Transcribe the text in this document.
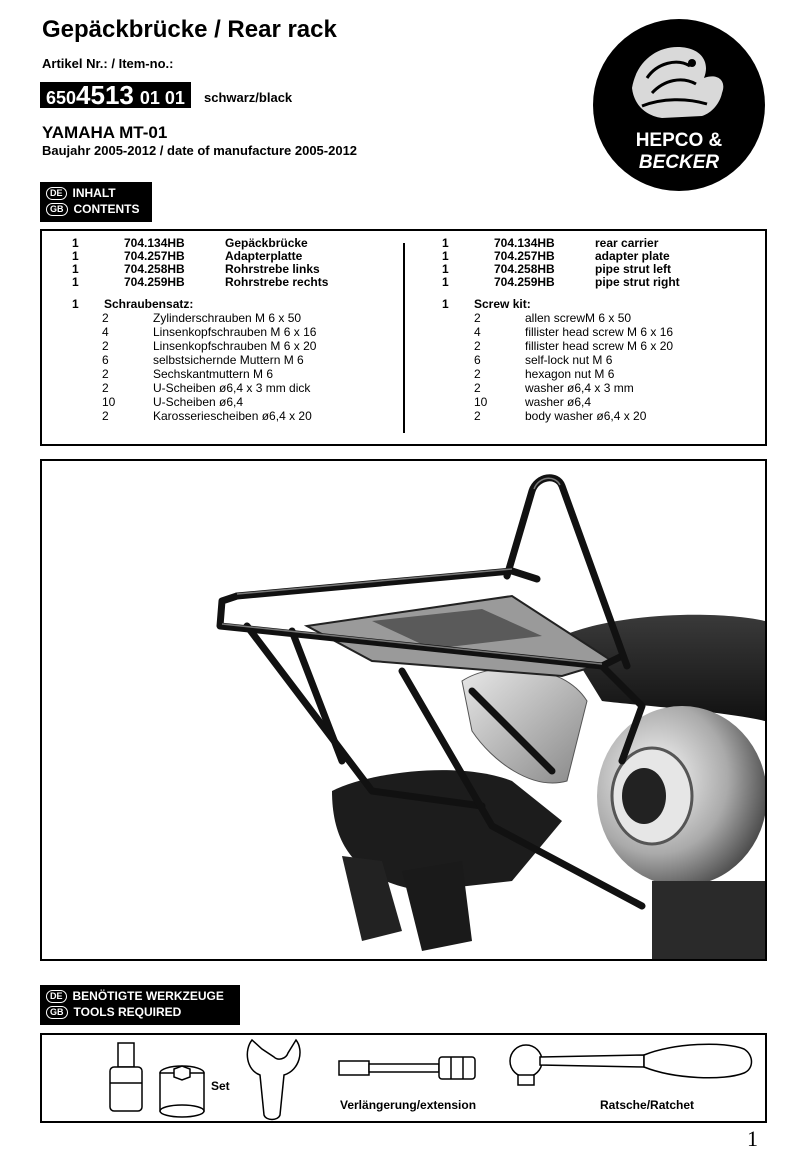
Gepäckbrücke / Rear rack
Artikel Nr.: / Item-no.:
650 4513 01 01 schwarz/black
YAMAHA MT-01
Baujahr 2005-2012 / date of manufacture 2005-2012	HEPCO &
BECKER
DE INHALT
GB CONTENTS
1	704.134HB	Gepäckbrücke
1	704.257HB	Adapterplatte
1	704.258HB	Rohrstrebe links
1	704.259HB	Rohrstrebe rechts
1 Schraubensatz:
2	Zylinderschrauben M 6 x 50
4	Linsenkopfschrauben M 6 x 16
2	Linsenkopfschrauben M 6 x 20
6	selbstsichernde Muttern M 6
2	Sechskantmuttern M 6
2	U-Scheiben ø6,4 x 3 mm dick
10	U-Scheiben ø6,4
2	Karosseriescheiben ø6,4 x 20
1	704.134HB	rear carrier
1	704.257HB	adapter plate
1	704.258HB	pipe strut left
1	704.259HB	pipe strut right
1 Screw kit:
2	allen screwM 6 x 50
4	fillister head screw M 6 x 16
2	fillister head screw M 6 x 20
6	self-lock nut M 6
2	hexagon nut M 6
2	washer ø6,4 x 3 mm
10	washer ø6,4
2	body washer ø6,4 x 20
DE BENÖTIGTE WERKZEUGE
GB TOOLS REQUIRED
Set
Verlängerung/extension	Ratsche/Ratchet
1
